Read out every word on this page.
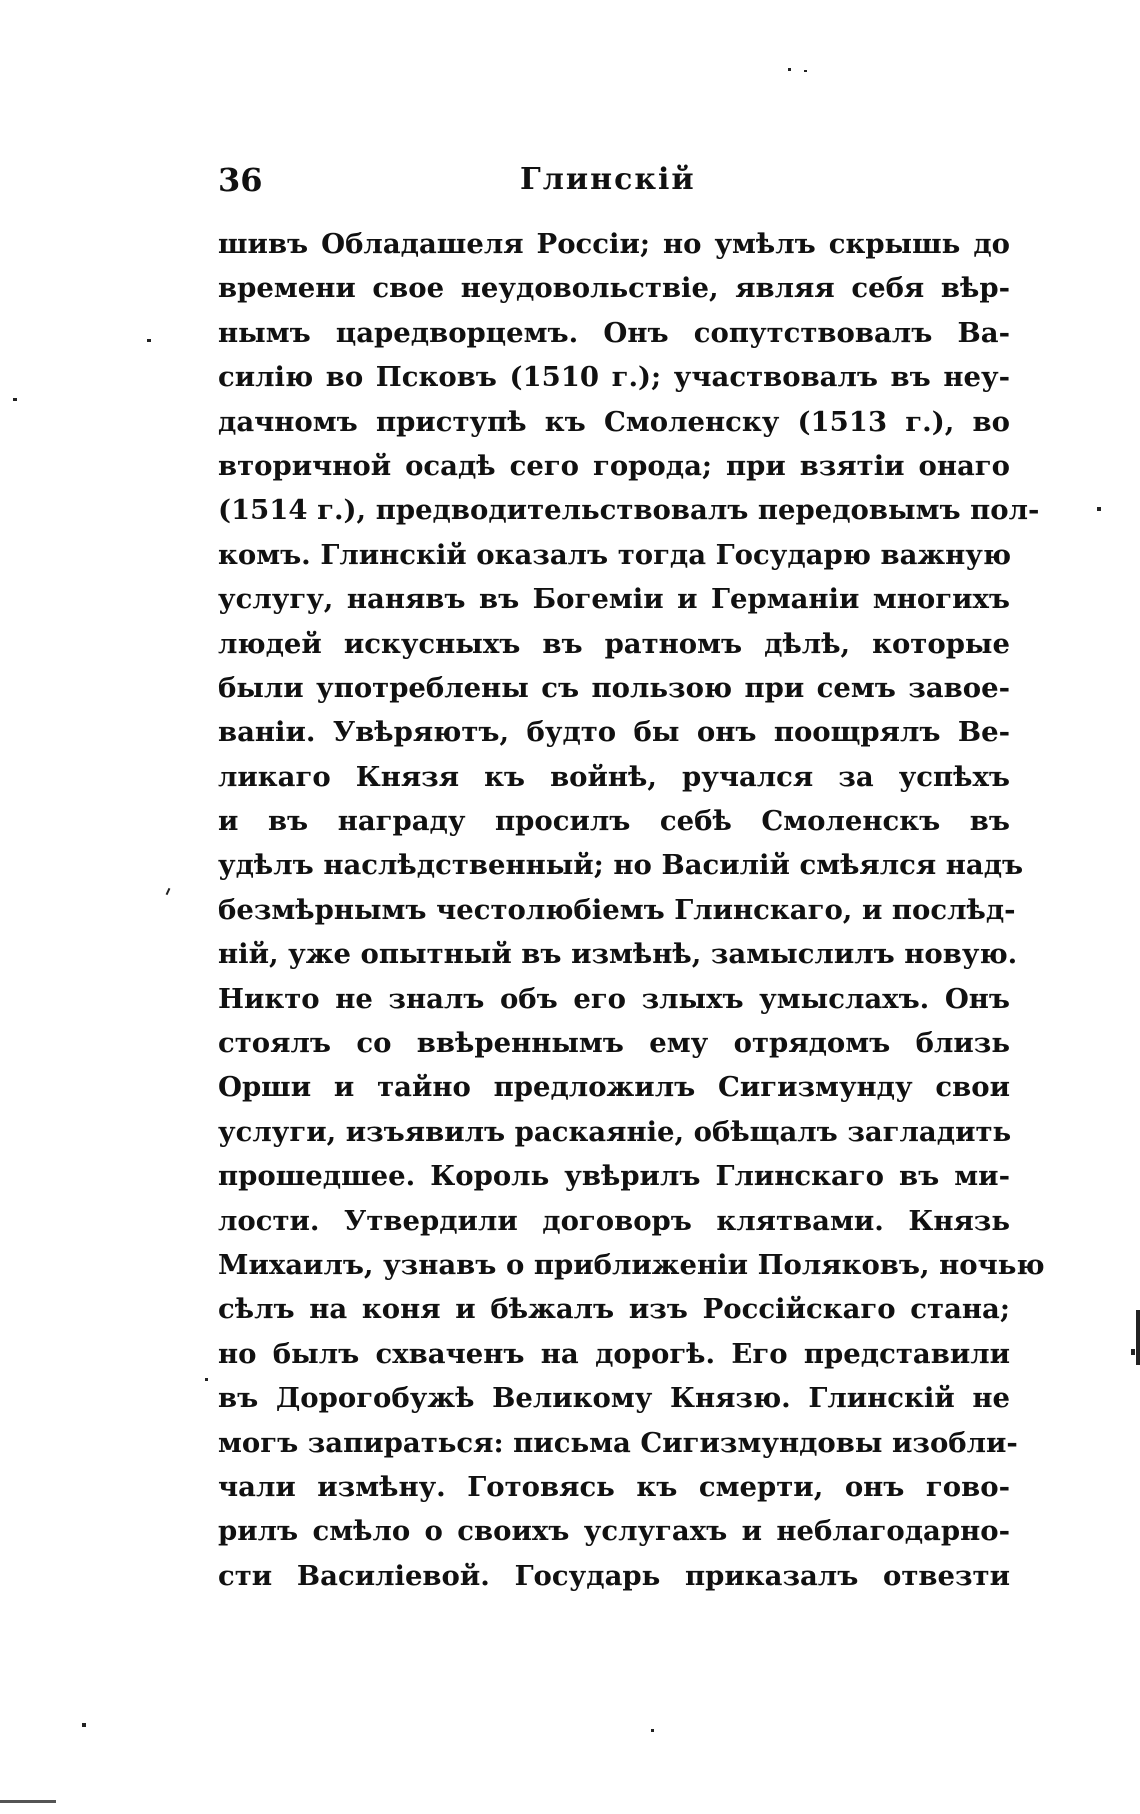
36	Глинскій
шивъ Обладашеля Россіи; но умѣлъ скрышь до
времени свое неудовольствіе, являя себя вѣр-
нымъ царедворцемъ. Онъ сопутствовалъ Ва-
силію во Псковъ (1510 г.); участвовалъ въ неу-
дачномъ приступѣ къ Смоленску (1513 г.), во
вторичной осадѣ сего города; при взятіи онаго
(1514 г.), предводительствовалъ передовымъ пол-
комъ. Глинскій оказалъ тогда Государю важную
услугу, нанявъ въ Богеміи и Германіи многихъ
людей искусныхъ въ ратномъ дѣлѣ, которые
были употреблены съ пользою при семъ завое-
ваніи. Увѣряютъ, будто бы онъ поощрялъ Ве-
ликаго Князя къ войнѣ, ручался за успѣхъ
и въ награду просилъ себѣ Смоленскъ въ
удѣлъ наслѣдственный; но Василій смѣялся надъ
безмѣрнымъ честолюбіемъ Глинскаго, и послѣд-
ній, уже опытный въ измѣнѣ, замыслилъ новую.
Никто не зналъ объ его злыхъ умыслахъ. Онъ
стоялъ со ввѣреннымъ ему отрядомъ близь
Орши и тайно предложилъ Сигизмунду свои
услуги, изъявилъ раскаяніе, обѣщалъ загладить
прошедшее. Король увѣрилъ Глинскаго въ ми-
лости. Утвердили договоръ клятвами. Князь
Михаилъ, узнавъ о приближеніи Поляковъ, ночью
сѣлъ на коня и бѣжалъ изъ Россійскаго стана;
но былъ схваченъ на дорогѣ. Его представили
въ Дорогобужѣ Великому Князю. Глинскій не
могъ запираться: письма Сигизмундовы изобли-
чали измѣну. Готовясь къ смерти, онъ гово-
рилъ смѣло о своихъ услугахъ и неблагодарно-
сти Василіевой. Государь приказалъ отвезти
